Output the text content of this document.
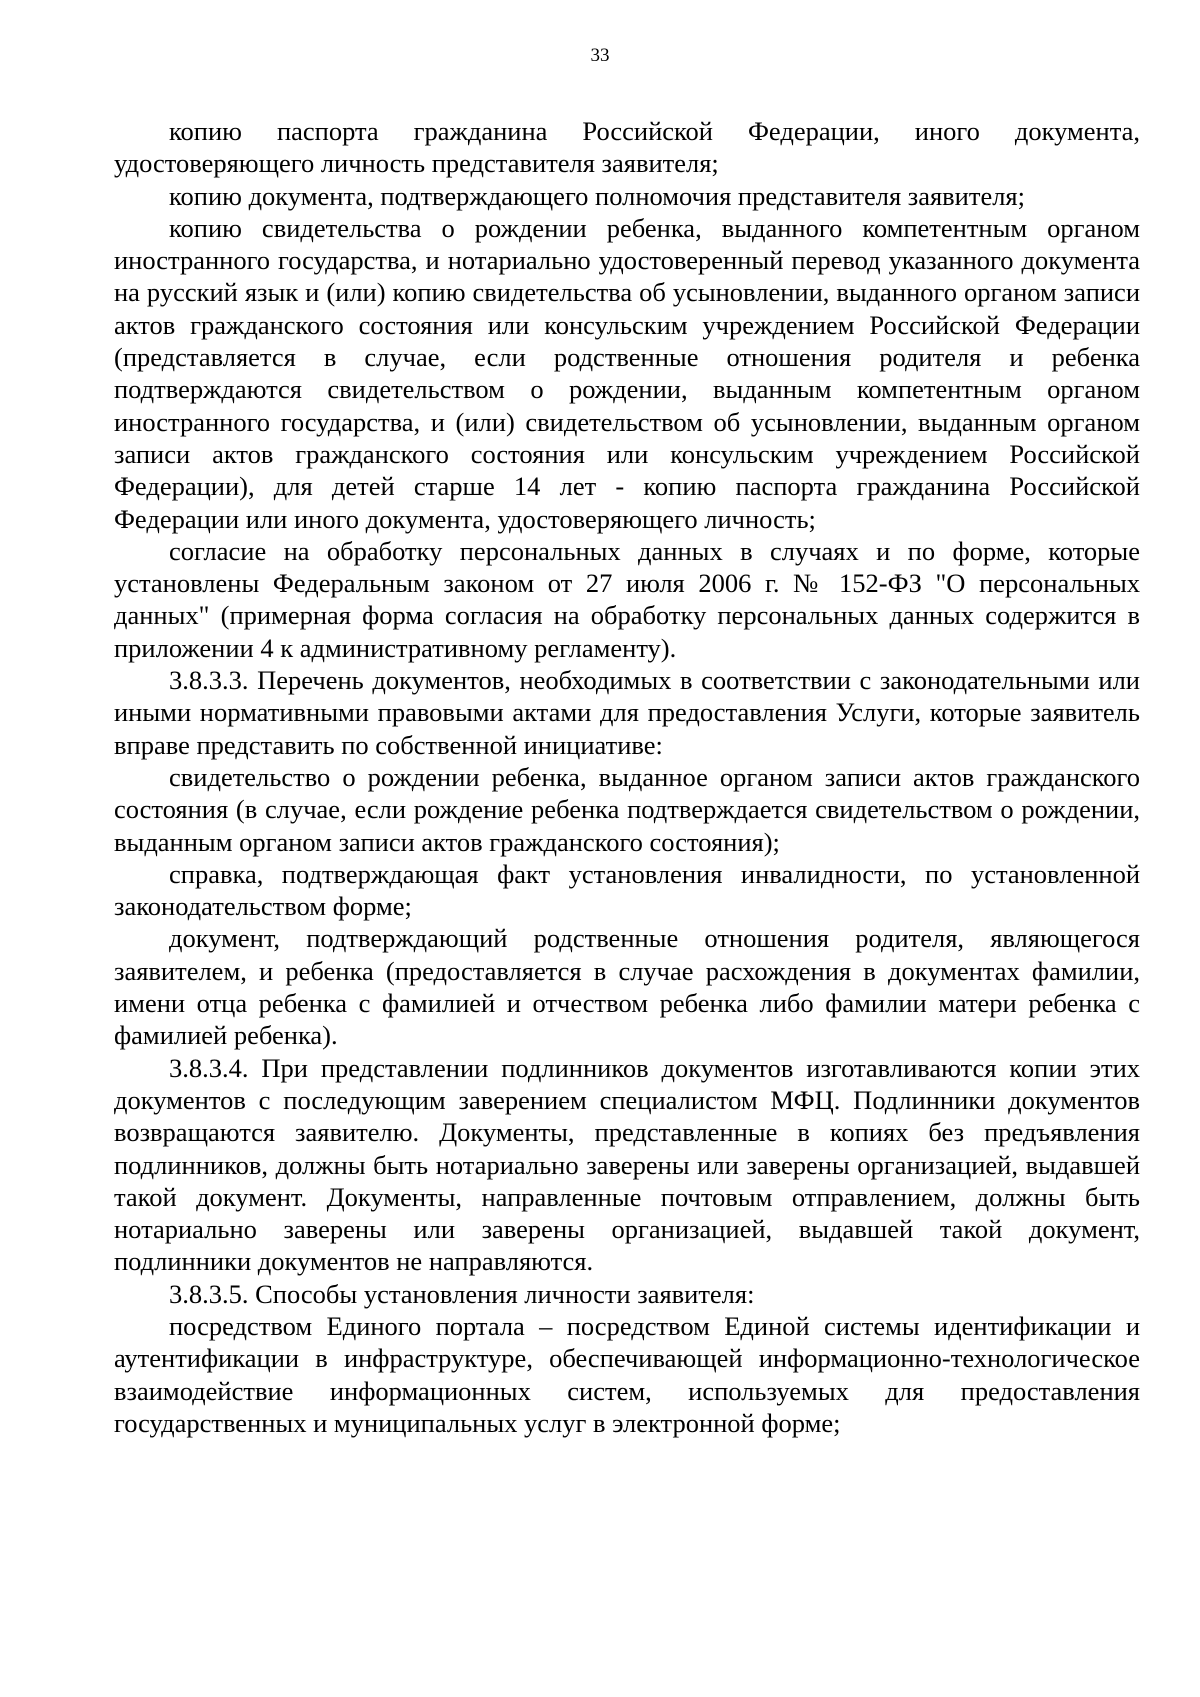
33

копию паспорта гражданина Российской Федерации, иного документа, удостоверяющего личность представителя заявителя;

копию документа, подтверждающего полномочия представителя заявителя;

копию свидетельства о рождении ребенка, выданного компетентным органом иностранного государства, и нотариально удостоверенный перевод указанного документа на русский язык и (или) копию свидетельства об усыновлении, выданного органом записи актов гражданского состояния или консульским учреждением Российской Федерации (представляется в случае, если родственные отношения родителя и ребенка подтверждаются свидетельством о рождении, выданным компетентным органом иностранного государства, и (или) свидетельством об усыновлении, выданным органом записи актов гражданского состояния или консульским учреждением Российской Федерации), для детей старше 14 лет - копию паспорта гражданина Российской Федерации или иного документа, удостоверяющего личность;

согласие на обработку персональных данных в случаях и по форме, которые установлены Федеральным законом от 27 июля 2006 г. № 152-ФЗ "О персональных данных" (примерная форма согласия на обработку персональных данных содержится в приложении 4 к административному регламенту).

3.8.3.3. Перечень документов, необходимых в соответствии с законодательными или иными нормативными правовыми актами для предоставления Услуги, которые заявитель вправе представить по собственной инициативе:

свидетельство о рождении ребенка, выданное органом записи актов гражданского состояния (в случае, если рождение ребенка подтверждается свидетельством о рождении, выданным органом записи актов гражданского состояния);

справка, подтверждающая факт установления инвалидности, по установленной законодательством форме;

документ, подтверждающий родственные отношения родителя, являющегося заявителем, и ребенка (предоставляется в случае расхождения в документах фамилии, имени отца ребенка с фамилией и отчеством ребенка либо фамилии матери ребенка с фамилией ребенка).

3.8.3.4. При представлении подлинников документов изготавливаются копии этих документов с последующим заверением специалистом МФЦ. Подлинники документов возвращаются заявителю. Документы, представленные в копиях без предъявления подлинников, должны быть нотариально заверены или заверены организацией, выдавшей такой документ. Документы, направленные почтовым отправлением, должны быть нотариально заверены или заверены организацией, выдавшей такой документ, подлинники документов не направляются.

3.8.3.5. Способы установления личности заявителя:

посредством Единого портала – посредством Единой системы идентификации и аутентификации в инфраструктуре, обеспечивающей информационно-технологическое взаимодействие информационных систем, используемых для предоставления государственных и муниципальных услуг в электронной форме;
